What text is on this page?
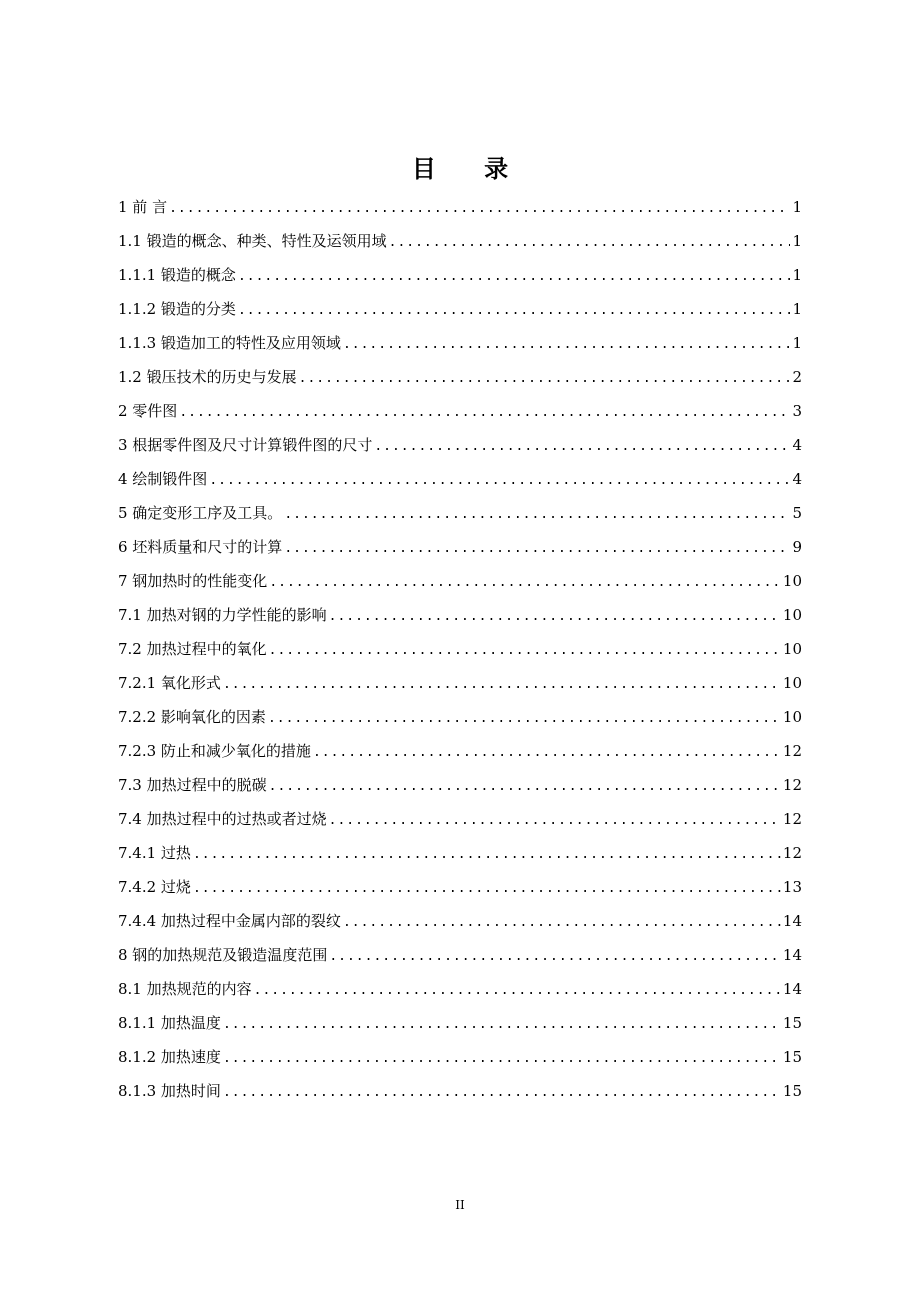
目 录
1 前 言 .....	1
1.1 锻造的概念、种类、特性及运领用域 .....	1
1.1.1 锻造的概念 .....	1
1.1.2 锻造的分类 .....	1
1.1.3 锻造加工的特性及应用领域 .....	1
1.2 锻压技术的历史与发展 .....	2
2 零件图 .....	3
3 根据零件图及尺寸计算锻件图的尺寸 .....	4
4 绘制锻件图 .....	4
5 确定变形工序及工具。 .....	5
6 坯料质量和尺寸的计算 .....	9
7 钢加热时的性能变化 .....	10
7.1 加热对钢的力学性能的影响 .....	10
7.2 加热过程中的氧化 .....	10
7.2.1 氧化形式 .....	10
7.2.2 影响氧化的因素 .....	10
7.2.3 防止和减少氧化的措施 .....	12
7.3 加热过程中的脱碳 .....	12
7.4 加热过程中的过热或者过烧 .....	12
7.4.1 过热 .....	12
7.4.2 过烧 .....	13
7.4.4 加热过程中金属内部的裂纹 .....	14
8 钢的加热规范及锻造温度范围 .....	14
8.1 加热规范的内容 .....	14
8.1.1 加热温度 .....	15
8.1.2 加热速度 .....	15
8.1.3 加热时间 .....	15
II
